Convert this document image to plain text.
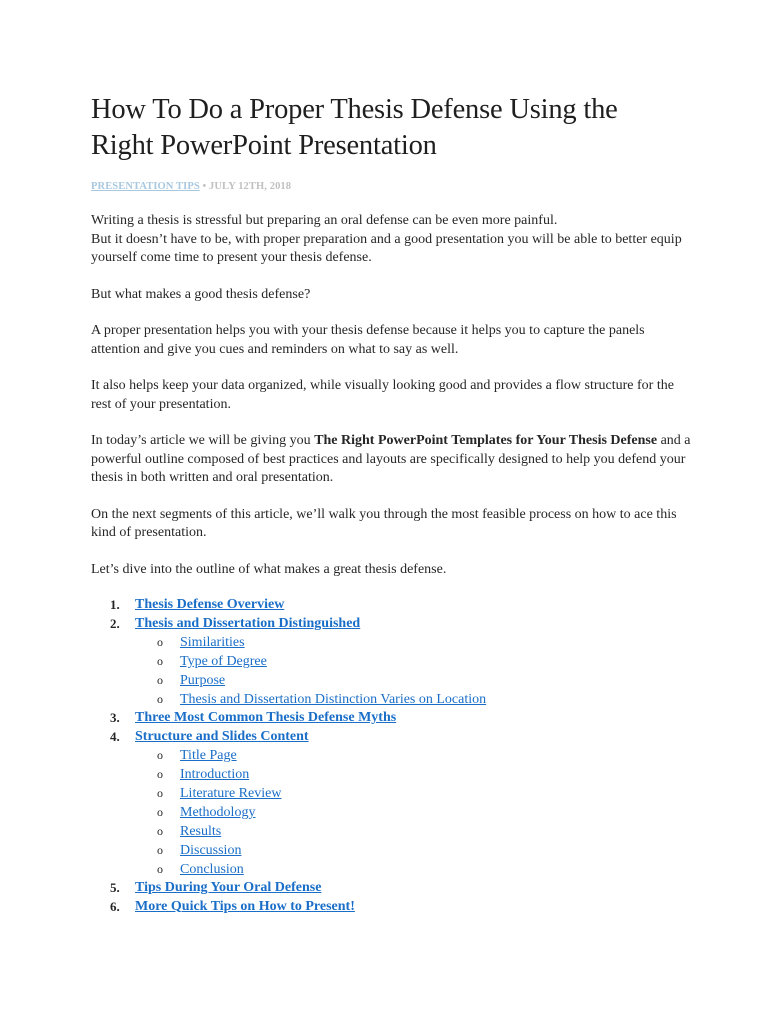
How To Do a Proper Thesis Defense Using the
Right PowerPoint Presentation
PRESENTATION TIPS • JULY 12TH, 2018

Writing a thesis is stressful but preparing an oral defense can be even more painful.
But it doesn’t have to be, with proper preparation and a good presentation you will be able to better equip yourself come time to present your thesis defense.

But what makes a good thesis defense?

A proper presentation helps you with your thesis defense because it helps you to capture the panels attention and give you cues and reminders on what to say as well.

It also helps keep your data organized, while visually looking good and provides a flow structure for the rest of your presentation.

In today’s article we will be giving you The Right PowerPoint Templates for Your Thesis Defense and a powerful outline composed of best practices and layouts are specifically designed to help you defend your thesis in both written and oral presentation.

On the next segments of this article, we’ll walk you through the most feasible process on how to ace this kind of presentation.

Let’s dive into the outline of what makes a great thesis defense.

1. Thesis Defense Overview
2. Thesis and Dissertation Distinguished
o Similarities
o Type of Degree
o Purpose
o Thesis and Dissertation Distinction Varies on Location
3. Three Most Common Thesis Defense Myths
4. Structure and Slides Content
o Title Page
o Introduction
o Literature Review
o Methodology
o Results
o Discussion
o Conclusion
5. Tips During Your Oral Defense
6. More Quick Tips on How to Present!
